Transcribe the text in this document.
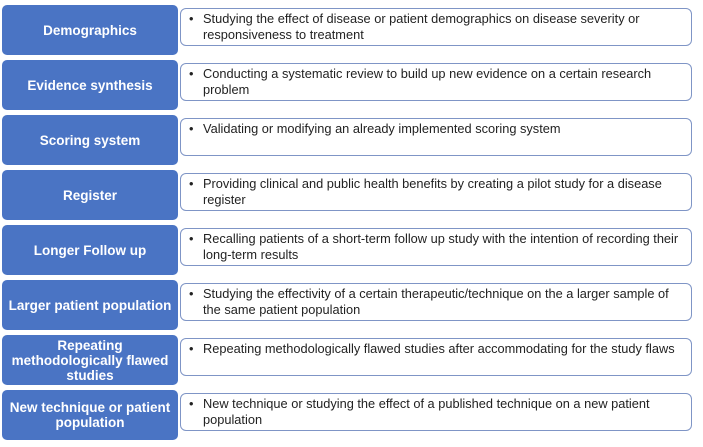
Demographics
• Studying the effect of disease or patient demographics on disease severity or responsiveness to treatment
Evidence synthesis
• Conducting a systematic review to build up new evidence on a certain research problem
Scoring system
• Validating or modifying an already implemented scoring system
Register
• Providing clinical and public health benefits by creating a pilot study for a disease register
Longer Follow up
• Recalling patients of a short-term follow up study with the intention of recording their long-term results
Larger patient population
• Studying the effectivity of a certain therapeutic/technique on the a larger sample of the same patient population
Repeating methodologically flawed studies
• Repeating methodologically flawed studies after accommodating for the study flaws
New technique or patient population
• New technique or studying the effect of a published technique on a new patient population
